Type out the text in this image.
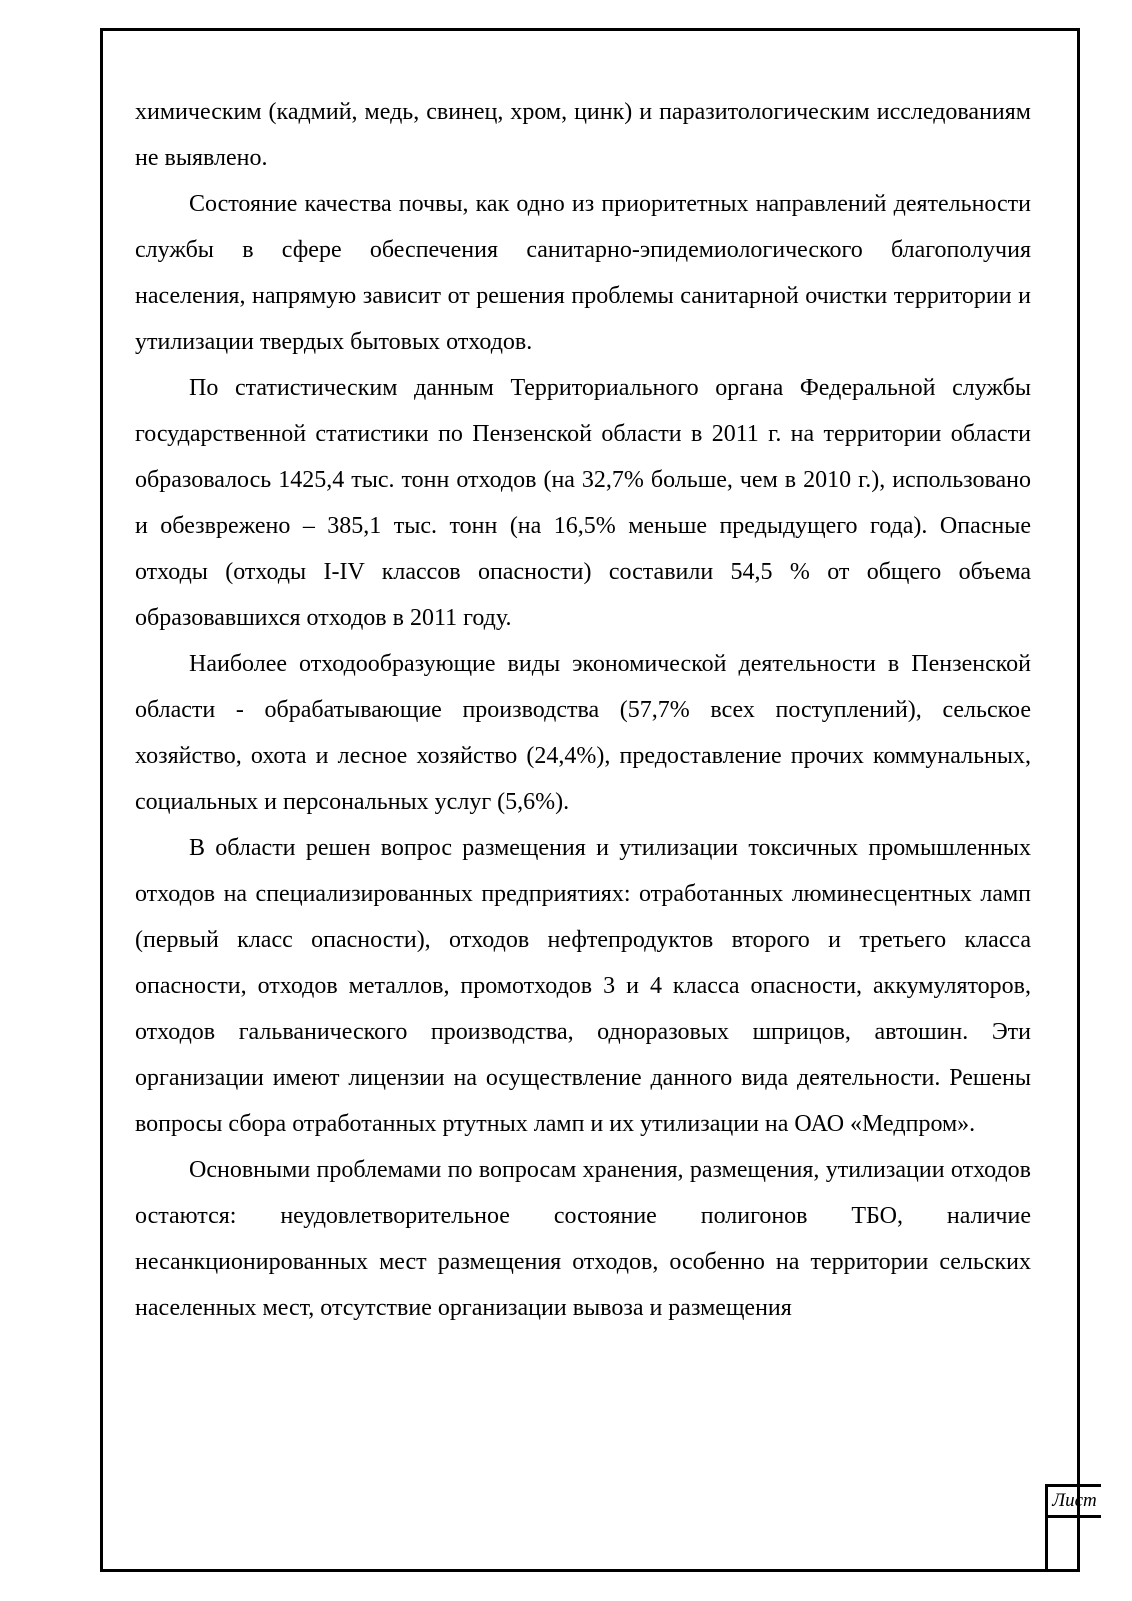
химическим (кадмий, медь, свинец, хром, цинк) и паразитологическим исследованиям не выявлено.

Состояние качества почвы, как одно из приоритетных направлений деятельности службы в сфере обеспечения санитарно-эпидемиологического благополучия населения, напрямую зависит от решения проблемы санитарной очистки территории и утилизации твердых бытовых отходов.

По статистическим данным Территориального органа Федеральной службы государственной статистики по Пензенской области в 2011 г. на территории области образовалось 1425,4 тыс. тонн отходов (на 32,7% больше, чем в 2010 г.), использовано и обезврежено – 385,1 тыс. тонн (на 16,5% меньше предыдущего года). Опасные отходы (отходы I-IV классов опасности) составили 54,5 % от общего объема образовавшихся отходов в 2011 году.

Наиболее отходообразующие виды экономической деятельности в Пензенской области - обрабатывающие производства (57,7% всех поступлений), сельское хозяйство, охота и лесное хозяйство (24,4%), предоставление прочих коммунальных, социальных и персональных услуг (5,6%).

В области решен вопрос размещения и утилизации токсичных промышленных отходов на специализированных предприятиях: отработанных люминесцентных ламп (первый класс опасности), отходов нефтепродуктов второго и третьего класса опасности, отходов металлов, промотходов 3 и 4 класса опасности, аккумуляторов, отходов гальванического производства, одноразовых шприцов, автошин. Эти организации имеют лицензии на осуществление данного вида деятельности. Решены вопросы сбора отработанных ртутных ламп и их утилизации на ОАО «Медпром».

Основными проблемами по вопросам хранения, размещения, утилизации отходов остаются: неудовлетворительное состояние полигонов ТБО, наличие несанкционированных мест размещения отходов, особенно на территории сельских населенных мест, отсутствие организации вывоза и размещения

Лист
